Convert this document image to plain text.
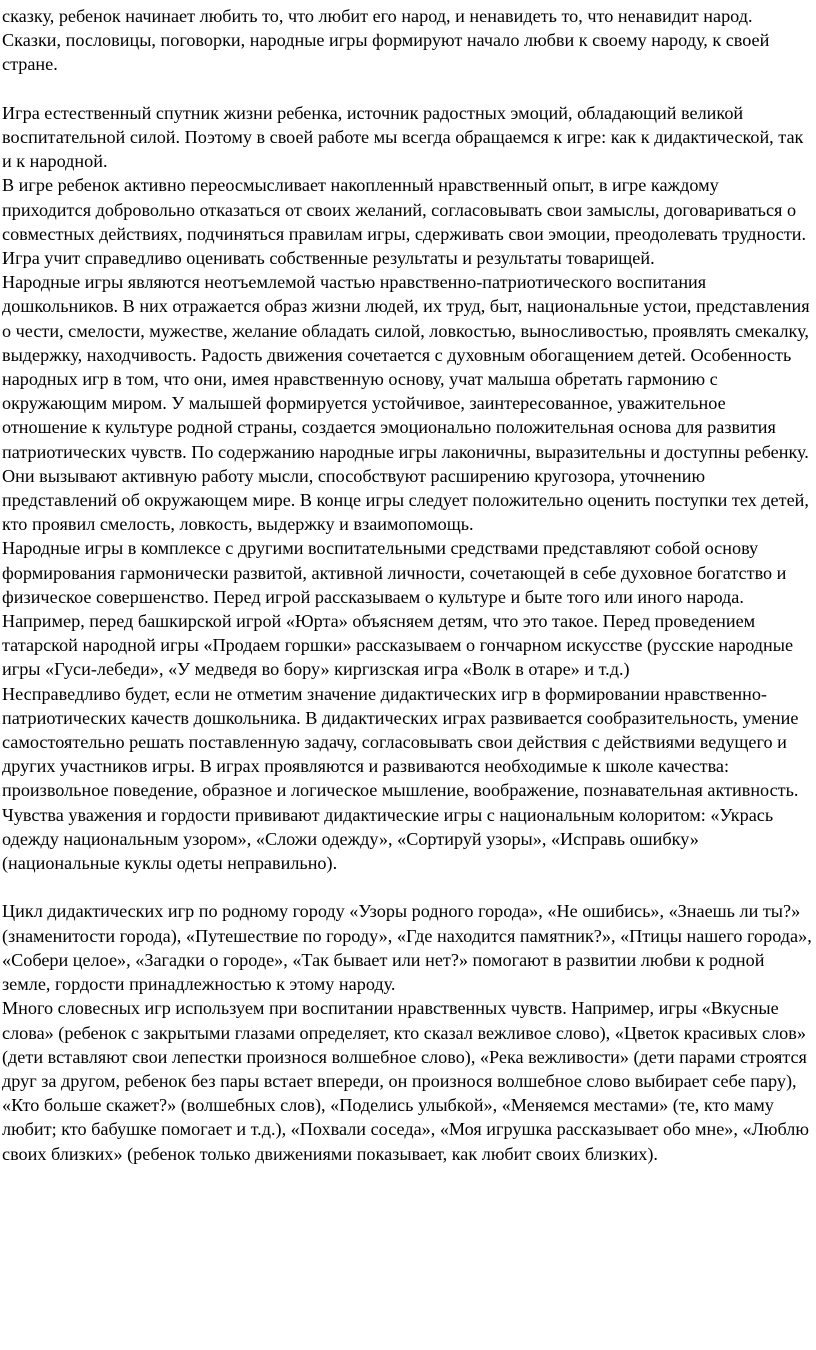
сказку, ребенок начинает любить то, что любит его народ, и ненавидеть то, что ненавидит народ. Сказки, пословицы, поговорки, народные игры формируют начало любви к своему народу, к своей стране.

Игра естественный спутник жизни ребенка, источник радостных эмоций, обладающий великой воспитательной силой. Поэтому в своей работе мы всегда обращаемся к игре: как к дидактической, так и к народной.

В игре ребенок активно переосмысливает накопленный нравственный опыт, в игре каждому приходится добровольно отказаться от своих желаний, согласовывать свои замыслы, договариваться о совместных действиях, подчиняться правилам игры, сдерживать свои эмоции, преодолевать трудности. Игра учит справедливо оценивать собственные результаты и результаты товарищей.

Народные игры являются неотъемлемой частью нравственно-патриотического воспитания дошкольников. В них отражается образ жизни людей, их труд, быт, национальные устои, представления о чести, смелости, мужестве, желание обладать силой, ловкостью, выносливостью, проявлять смекалку, выдержку, находчивость. Радость движения сочетается с духовным обогащением детей. Особенность народных игр в том, что они, имея нравственную основу, учат малыша обретать гармонию с окружающим миром. У малышей формируется устойчивое, заинтересованное, уважительное отношение к культуре родной страны, создается эмоционально положительная основа для развития патриотических чувств. По содержанию народные игры лаконичны, выразительны и доступны ребенку. Они вызывают активную работу мысли, способствуют расширению кругозора, уточнению представлений об окружающем мире. В конце игры следует положительно оценить поступки тех детей, кто проявил смелость, ловкость, выдержку и взаимопомощь.

Народные игры в комплексе с другими воспитательными средствами представляют собой основу формирования гармонически развитой, активной личности, сочетающей в себе духовное богатство и физическое совершенство. Перед игрой рассказываем о культуре и быте того или иного народа. Например, перед башкирской игрой «Юрта» объясняем детям, что это такое. Перед проведением татарской народной игры «Продаем горшки» рассказываем о гончарном искусстве (русские народные игры «Гуси-лебеди», «У медведя во бору» киргизская игра «Волк в отаре» и т.д.)

Несправедливо будет, если не отметим значение дидактических игр в формировании нравственно-патриотических качеств дошкольника. В дидактических играх развивается сообразительность, умение самостоятельно решать поставленную задачу, согласовывать свои действия с действиями ведущего и других участников игры. В играх проявляются и развиваются необходимые к школе качества: произвольное поведение, образное и логическое мышление, воображение, познавательная активность. Чувства уважения и гордости прививают дидактические игры с национальным колоритом: «Укрась одежду национальным узором», «Сложи одежду», «Сортируй узоры», «Исправь ошибку» (национальные куклы одеты неправильно).

Цикл дидактических игр по родному городу «Узоры родного города», «Не ошибись», «Знаешь ли ты?» (знаменитости города), «Путешествие по городу», «Где находится памятник?», «Птицы нашего города», «Собери целое», «Загадки о городе», «Так бывает или нет?» помогают в развитии любви к родной земле, гордости принадлежностью к этому народу.

Много словесных игр используем при воспитании нравственных чувств. Например, игры «Вкусные слова» (ребенок с закрытыми глазами определяет, кто сказал вежливое слово), «Цветок красивых слов» (дети вставляют свои лепестки произнося волшебное слово), «Река вежливости» (дети парами строятся друг за другом, ребенок без пары встает впереди, он произнося волшебное слово выбирает себе пару), «Кто больше скажет?» (волшебных слов), «Поделись улыбкой», «Меняемся местами» (те, кто маму любит; кто бабушке помогает и т.д.), «Похвали соседа», «Моя игрушка рассказывает обо мне», «Люблю своих близких» (ребенок только движениями показывает, как любит своих близких).
